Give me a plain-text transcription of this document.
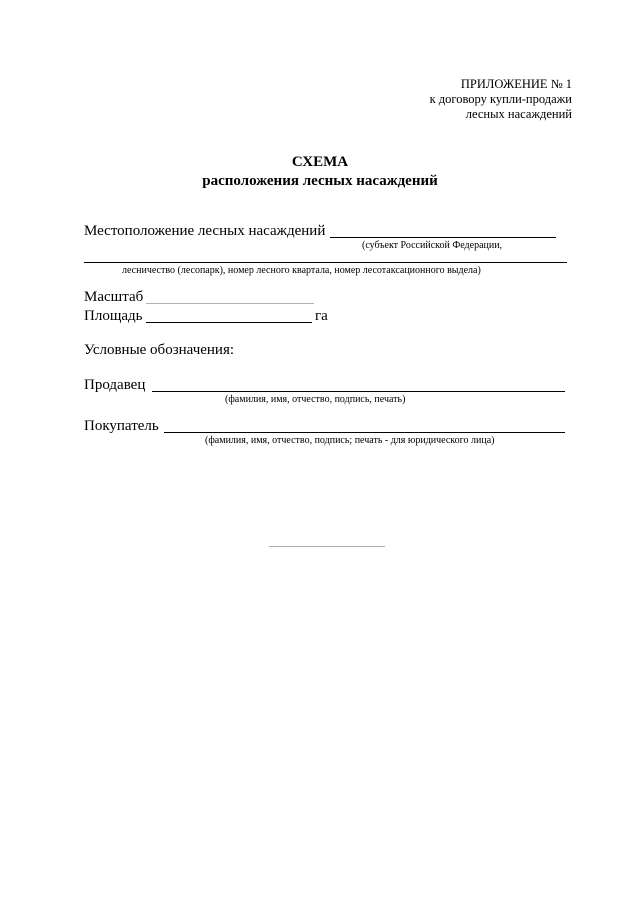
ПРИЛОЖЕНИЕ № 1
к договору купли-продажи
лесных насаждений
СХЕМА
расположения лесных насаждений
Местоположение лесных насаждений
(субъект Российской Федерации,
лесничество (лесопарк), номер лесного квартала, номер лесотаксационного выдела)
Масштаб
Площадь	га
Условные обозначения:
Продавец
(фамилия, имя, отчество, подпись, печать)
Покупатель
(фамилия, имя, отчество, подпись; печать - для юридического лица)
